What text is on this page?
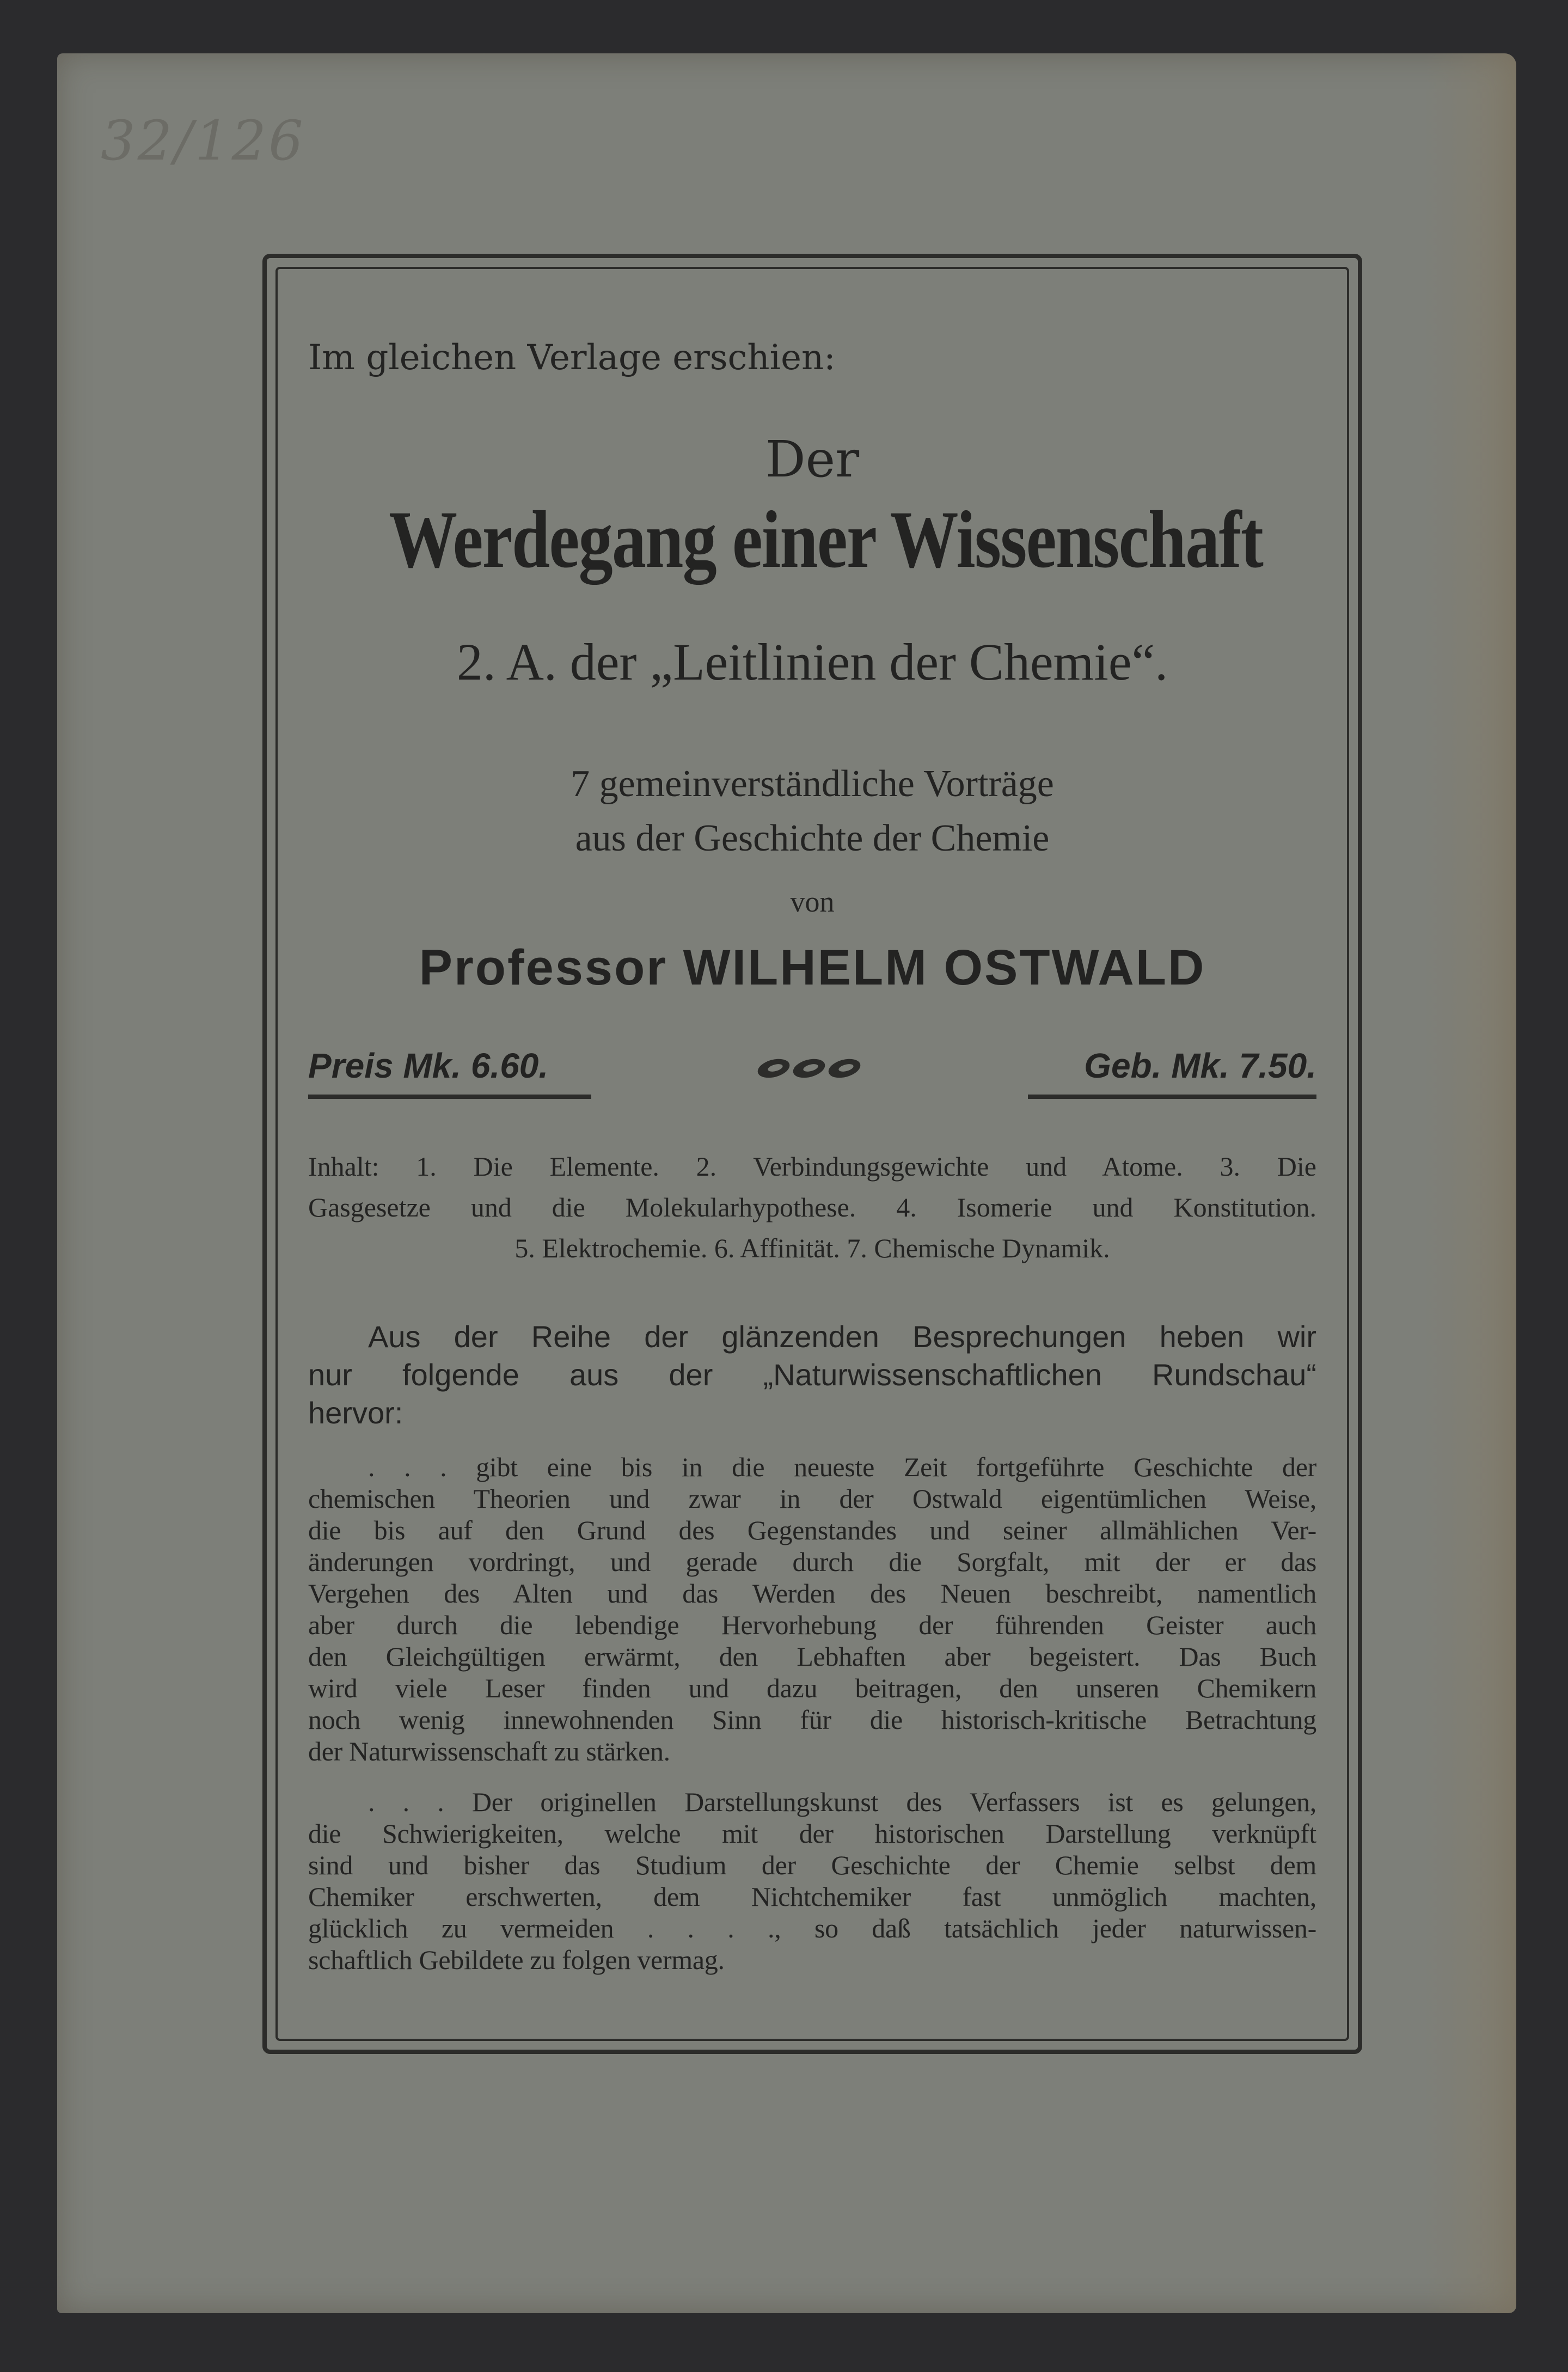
32/126

Im gleichen Verlage erschien:

Der

Werdegang einer Wissenschaft

2. A. der „Leitlinien der Chemie“.

7 gemeinverständliche Vorträge

aus der Geschichte der Chemie

von

Professor WILHELM OSTWALD

Preis Mk. 6.60.	Geb. Mk. 7.50.
Inhalt: 1. Die Elemente. 2. Verbindungsgewichte und Atome. 3. Die
Gasgesetze und die Molekularhypothese. 4. Isomerie und Konstitution.
5. Elektrochemie. 6. Affinität. 7. Chemische Dynamik.
Aus der Reihe der glänzenden Besprechungen heben wir
nur folgende aus der „Naturwissenschaftlichen Rundschau“
hervor:
. . . gibt eine bis in die neueste Zeit fortgeführte Geschichte der
chemischen Theorien und zwar in der Ostwald eigentümlichen Weise,
die bis auf den Grund des Gegenstandes und seiner allmählichen Ver-
änderungen vordringt, und gerade durch die Sorgfalt, mit der er das
Vergehen des Alten und das Werden des Neuen beschreibt, namentlich
aber durch die lebendige Hervorhebung der führenden Geister auch
den Gleichgültigen erwärmt, den Lebhaften aber begeistert. Das Buch
wird viele Leser finden und dazu beitragen, den unseren Chemikern
noch wenig innewohnenden Sinn für die historisch-kritische Betrachtung
der Naturwissenschaft zu stärken.
. . . Der originellen Darstellungskunst des Verfassers ist es gelungen,
die Schwierigkeiten, welche mit der historischen Darstellung verknüpft
sind und bisher das Studium der Geschichte der Chemie selbst dem
Chemiker erschwerten, dem Nichtchemiker fast unmöglich machten,
glücklich zu vermeiden . . . ., so daß tatsächlich jeder naturwissen-
schaftlich Gebildete zu folgen vermag.
